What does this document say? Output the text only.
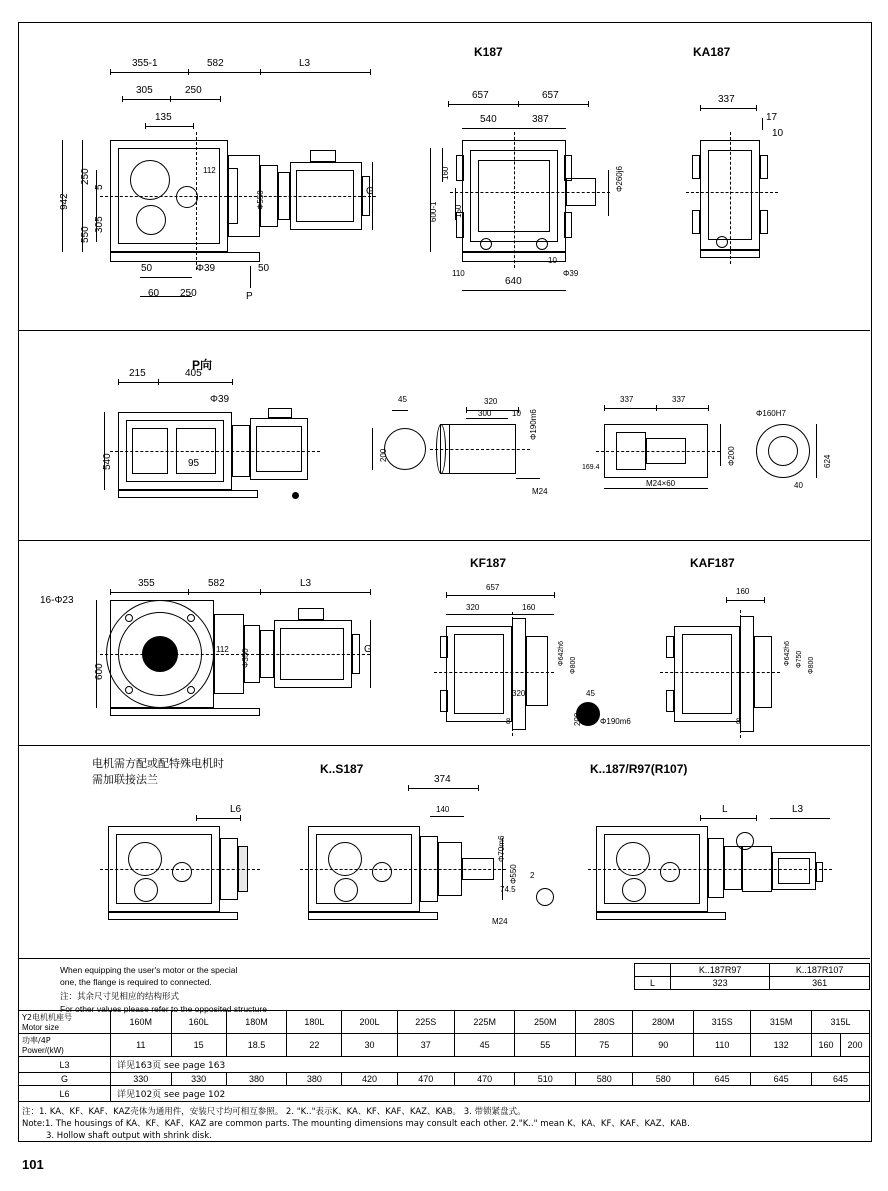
K187	KA187
355-1	582	L3
305	250
135
942
250
5
305
550
112
Φ550	G
50	Φ39	50
60 250	P
657	657
540	387
160
150
600-1
Φ260j6
110
10
Φ39
640
337
17
10
P向
215	405
Φ39
540	95
200
45	320
300	10 Φ190m6
M24
337	337
169.4
M24×60
Φ160H7
Φ200	624
40
KF187	KAF187
16-Φ23
355	582	L3
600
Φ350
112	G
657
320	160
Φ642h6 Φ800
320
8
45
200 Φ190m6
160
Φ642h6 Φ750 Φ800
8
电机需方配或配特殊电机时
需加联接法兰
K..S187	K..187/R97(R107)
L6
374
140
Φ70m6
Φ550
M24
2
74.5
L	L3
When equipping the user's motor or the special
one, the flange is required to connected.
注：其余尺寸见相应的结构形式
For other values please refer to the opposited structure
	K..187R97	K..187R107
L	323	361
Y2电机机座号
Motor size	160M	160L	180M	180L	200L	225S	225M	250M	280S	280M	315S	315M	315L	
功率/4P
Power/(kW)	11	15	18.5	22	30	37	45	55	75	90	110	132	160	200
L3	详见163页 see page 163													
G	330	330	380	380	420	470	470	510	580	580	645	645	645	
L6	详见102页 see page 102													
注：1. KA、KF、KAF、KAZ壳体为通用件，安装尺寸均可相互参照。 2. "K.."表示K、KA、KF、KAF、KAZ、KAB。 3. 带锁紧盘式。
Note:1. The housings of KA、KF、KAF、KAZ are common parts. The mounting dimensions may consult each other. 2."K.." mean K、KA、KF、KAF、KAZ、KAB.
3. Hollow shaft output with shrink disk.
101
